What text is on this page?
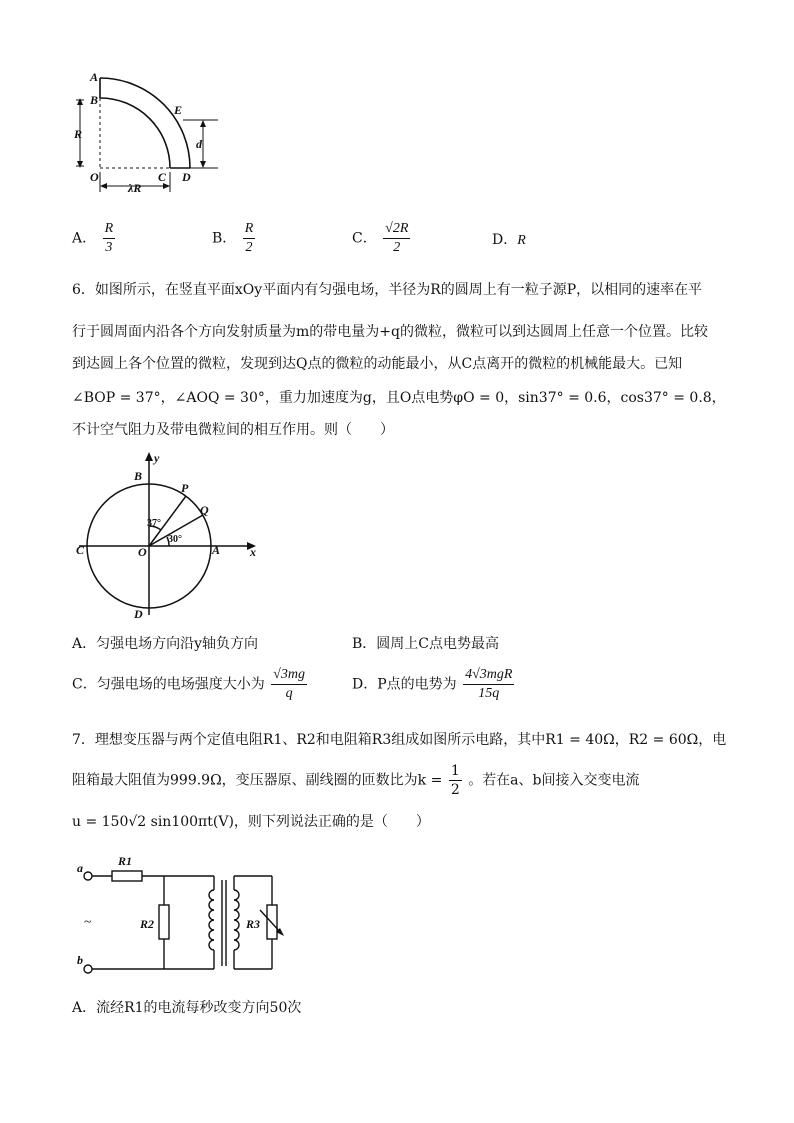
A
B
E
R
d
O	C D
λR
A． $\frac{R}{3}$	B． $\frac{R}{2}$	C． $\frac{√2R}{2}$	D．R
6．如图所示，在竖直平面xOy平面内有匀强电场，半径为R的圆周上有一粒子源P，以相同的速率在平
行于圆周面内沿各个方向发射质量为m的带电量为+q的微粒，微粒可以到达圆周上任意一个位置。比较
到达圆上各个位置的微粒，发现到达Q点的微粒的动能最小，从C点离开的微粒的机械能最大。已知
∠BOP = 37°，∠AOQ = 30°，重力加速度为g，且O点电势φO = 0，sin37° = 0.6，cos37° = 0.8，
不计空气阻力及带电微粒间的相互作用。则（　　）
y
x
B
P
Q
C	O	A
D
37°
30°
A．匀强电场方向沿y轴负方向	B．圆周上C点电势最高
C．匀强电场的电场强度大小为 $\frac{√3mg}{q}$	D．P点的电势为 $\frac{\text{4√3mgR}}{15q}$
7．理想变压器与两个定值电阻R1、R2和电阻箱R3组成如图所示电路，其中R1 = 40Ω，R2 = 60Ω，电
阻箱最大阻值为999.9Ω，变压器原、副线圈的匝数比为$k = \frac{1}{2}$ 。若在a、b间接入交变电流
u = 150√2 sin100πt(V)，则下列说法正确的是（　　）
a
b
R1
R2	R3
~
A．流经R1的电流每秒改变方向50次
